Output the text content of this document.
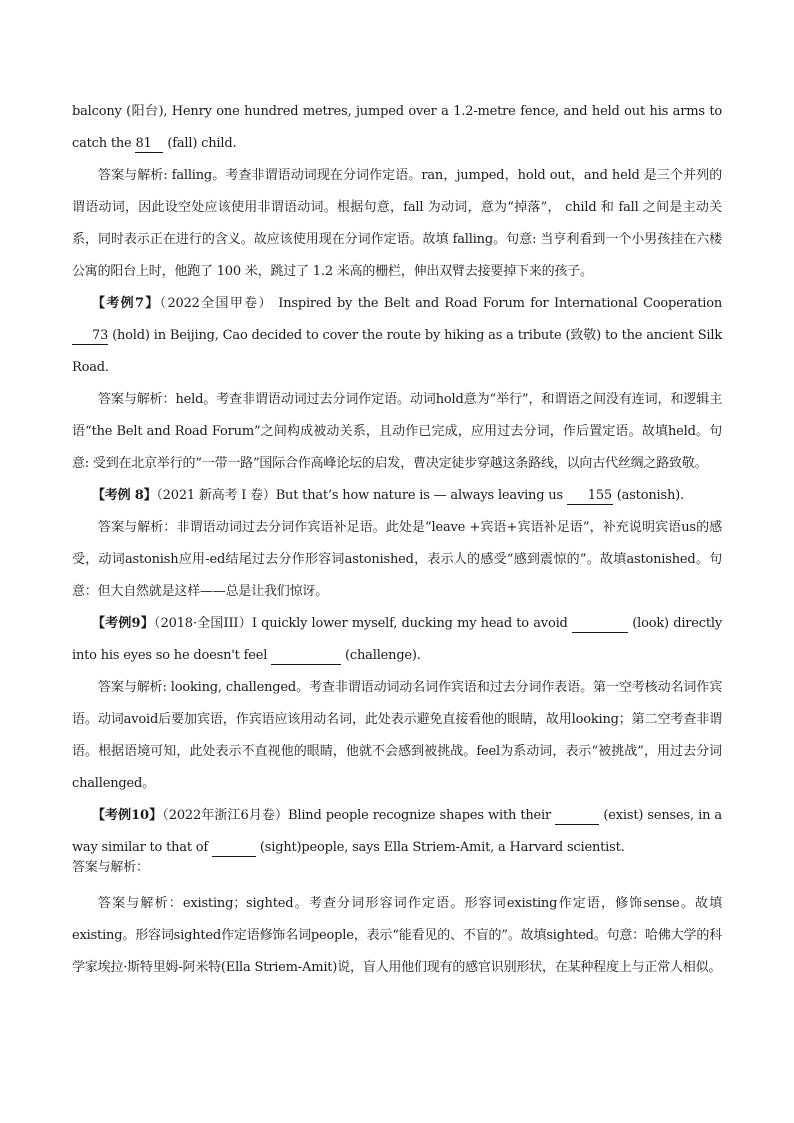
balcony (阳台), Henry one hundred metres, jumped over a 1.2-metre fence, and held out his arms to catch the 81 (fall) child.

答案与解析: falling。考查非谓语动词现在分词作定语。ran，jumped，hold out，and held 是三个并列的谓语动词，因此设空处应该使用非谓语动词。根据句意，fall 为动词，意为“掉落”， child 和 fall 之间是主动关系，同时表示正在进行的含义。故应该使用现在分词作定语。故填 falling。句意: 当亨利看到一个小男孩挂在六楼公寓的阳台上时，他跑了 100 米，跳过了 1.2 米高的栅栏，伸出双臂去接要掉下来的孩子。

【考例7】（2022全国甲卷） Inspired by the Belt and Road Forum for International Cooperation 73 (hold) in Beijing, Cao decided to cover the route by hiking as a tribute (致敬) to the ancient Silk Road.

答案与解析：held。考查非谓语动词过去分词作定语。动词hold意为“举行”，和谓语之间没有连词，和逻辑主语“the Belt and Road Forum”之间构成被动关系，且动作已完成，应用过去分词，作后置定语。故填held。句意: 受到在北京举行的“一带一路”国际合作高峰论坛的启发，曹决定徒步穿越这条路线，以向古代丝绸之路致敬。

【考例 8】（2021 新高考 I 卷）But that’s how nature is — always leaving us 155 (astonish).

答案与解析：非谓语动词过去分词作宾语补足语。此处是“leave +宾语+宾语补足语”，补充说明宾语us的感受，动词astonish应用-ed结尾过去分作形容词astonished，表示人的感受“感到震惊的”。故填astonished。句意：但大自然就是这样——总是让我们惊讶。

【考例9】（2018·全国III）I quickly lower myself, ducking my head to avoid	(look) directly into his eyes so he doesn't feel	(challenge).

答案与解析: looking, challenged。考查非谓语动词动名词作宾语和过去分词作表语。第一空考核动名词作宾语。动词avoid后要加宾语，作宾语应该用动名词，此处表示避免直接看他的眼睛，故用looking；第二空考查非谓语。根据语境可知，此处表示不直视他的眼睛，他就不会感到被挑战。feel为系动词，表示“被挑战”，用过去分词challenged。

【考例10】（2022年浙江6月卷）Blind people recognize shapes with their	(exist) senses, in a way similar to that of	(sight)people, says Ella Striem-Amit, a Harvard scientist.

答案与解析：

答案与解析：existing；sighted。考查分词形容词作定语。形容词existing作定语，修饰sense。故填existing。形容词sighted作定语修饰名词people，表示“能看见的、不盲的”。故填sighted。句意：哈佛大学的科学家埃拉·斯特里姆-阿米特(Ella Striem-Amit)说，盲人用他们现有的感官识别形状，在某种程度上与正常人相似。
